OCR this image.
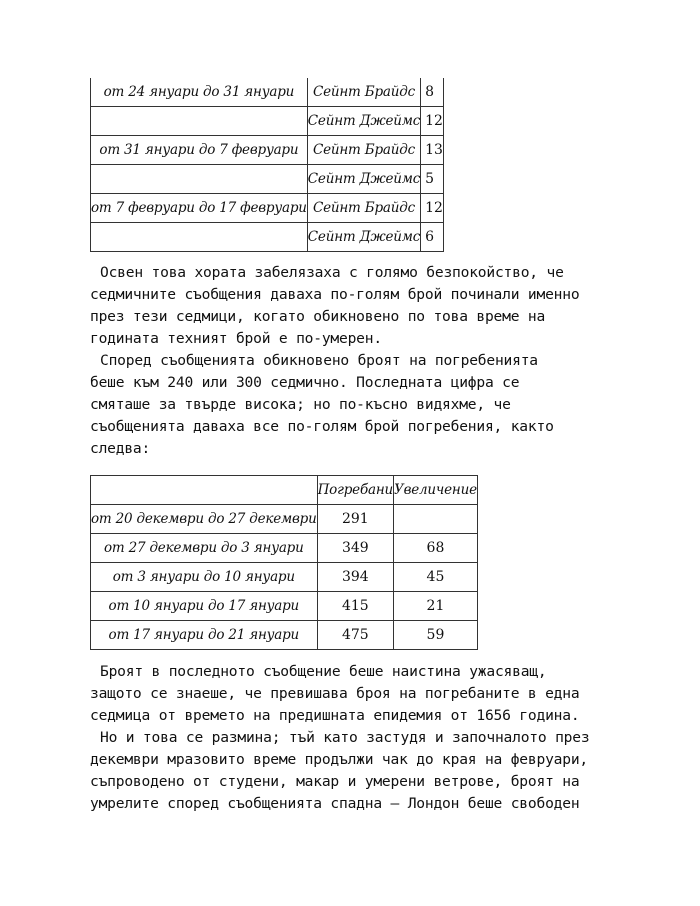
от 24 януари до 31 януари	Сейнт Брайдс	8
	Сейнт Джеймс	12
от 31 януари до 7 февруари	Сейнт Брайдс	13
	Сейнт Джеймс	5
от 7 февруари до 17 февруари	Сейнт Брайдс	12
	Сейнт Джеймс	6

Освен това хората забелязаха с голямо безпокойство, че
седмичните съобщения даваха по-голям брой починали именно
през тези седмици, когато обикновено по това време на
годината техният брой е по-умерен.

Според съобщенията обикновено броят на погребенията
беше към 240 или 300 седмично. Последната цифра се
смяташе за твърде висока; но по-късно видяхме, че
съобщенията даваха все по-голям брой погребения, както
следва:

	Погребани	Увеличение
от 20 декември до 27 декември	291	
от 27 декември до 3 януари	349	68
от 3 януари до 10 януари	394	45
от 10 януари до 17 януари	415	21
от 17 януари до 21 януари	475	59

Броят в последното съобщение беше наистина ужасяващ,
защото се знаеше, че превишава броя на погребаните в една
седмица от времето на предишната епидемия от 1656 година.

Но и това се размина; тъй като застудя и започналото през
декември мразовито време продължи чак до края на февруари,
съпроводено от студени, макар и умерени ветрове, броят на
умрелите според съобщенията спадна – Лондон беше свободен
